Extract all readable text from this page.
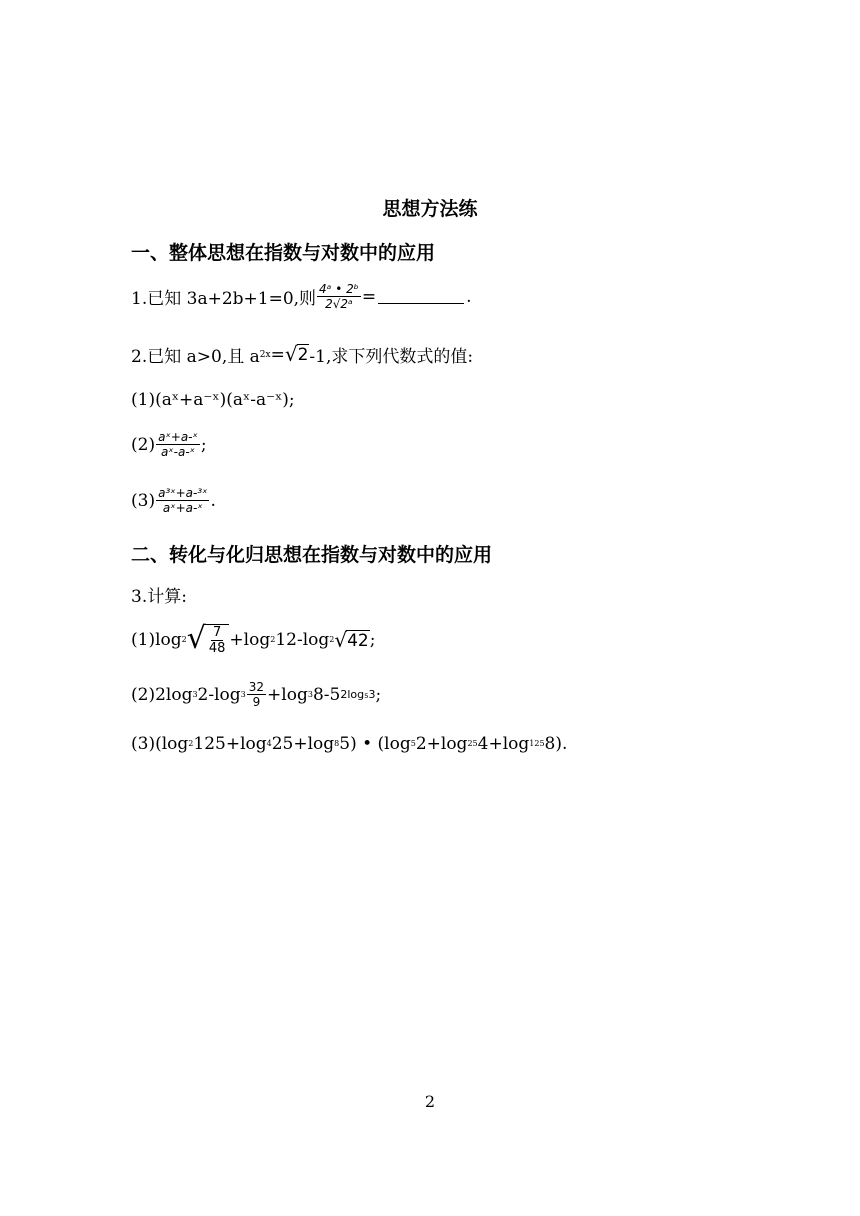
思想方法练
一、整体思想在指数与对数中的应用
1.已知 3a+2b+1=0,则 $\frac{\text{4ᵃ • 2ᵇ}}{\text{2√2ᵃ}}$ =	.
2.已知 a>0,且 a 2x = √ 2 -1,求下列代数式的值:
(1)(aˣ+a⁻ˣ)(aˣ-a⁻ˣ);
$(2) \frac{\text{aˣ+a-ˣ}}{\text{aˣ-a-ˣ}}$ ;
$(3) \frac{\text{a³ˣ+a-³ˣ}}{\text{aˣ+a-ˣ}}$ .
二、转化与化归思想在指数与对数中的应用
3.计算:
(1)log 2 √ $\frac{7}{48} +\log$ 2 12-log 2 √ 42 ;
(2)2log 3 2-log $3 \frac{32}{9} +\log$ 3 8-5 2log₅3 ;
(3)(log 2 125+log 4 25+log 8 5) • (log 5 2+log 25 4+log 125 8).
2
